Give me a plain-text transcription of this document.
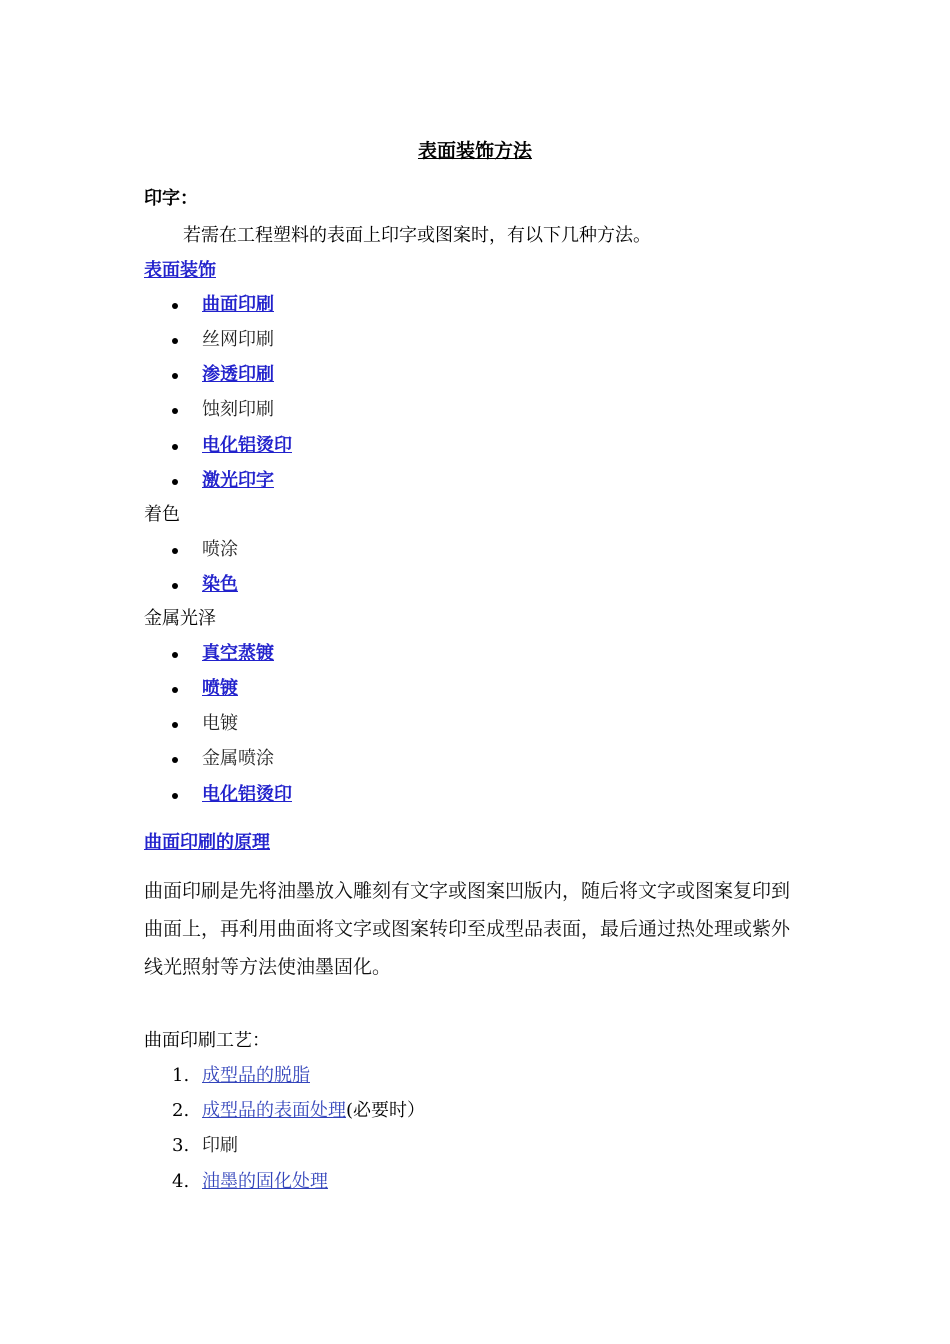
表面装饰方法
印字：
若需在工程塑料的表面上印字或图案时，有以下几种方法。
表面装饰
曲面印刷
丝网印刷
渗透印刷
蚀刻印刷
电化铝烫印
激光印字
着色
喷涂
染色
金属光泽
真空蒸镀
喷镀
电镀
金属喷涂
电化铝烫印
曲面印刷的原理
曲面印刷是先将油墨放入雕刻有文字或图案凹版内，随后将文字或图案复印到
曲面上，再利用曲面将文字或图案转印至成型品表面，最后通过热处理或紫外
线光照射等方法使油墨固化。
曲面印刷工艺：
1. 成型品的脱脂
2. 成型品的表面处理(必要时）
3. 印刷
4. 油墨的固化处理
